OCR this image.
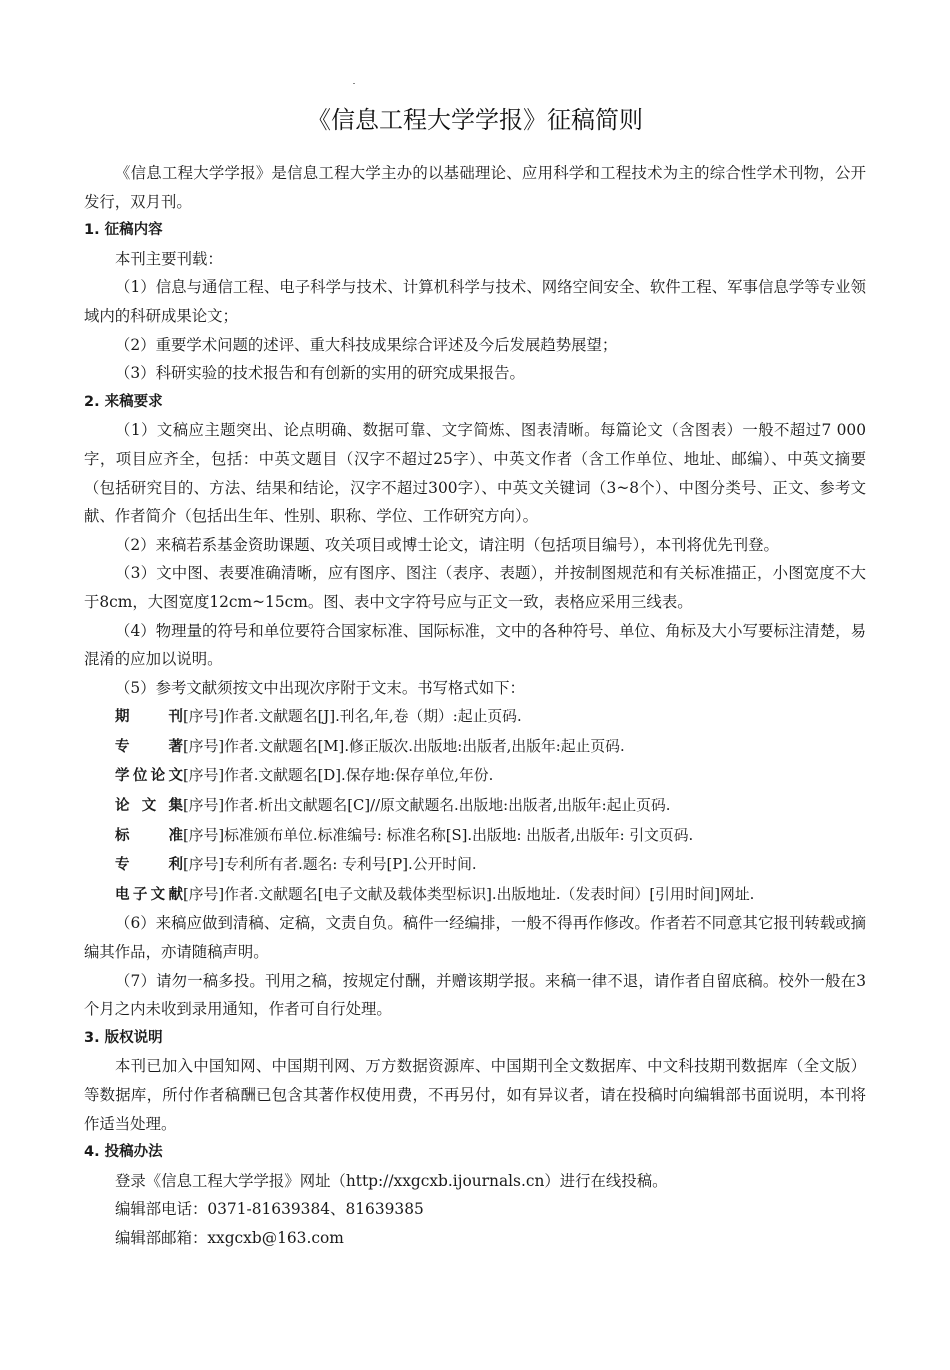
《信息工程大学学报》征稿简则

《信息工程大学学报》是信息工程大学主办的以基础理论、应用科学和工程技术为主的综合性学术刊物，公开发行，双月刊。

1. 征稿内容

本刊主要刊载：

（1）信息与通信工程、电子科学与技术、计算机科学与技术、网络空间安全、软件工程、军事信息学等专业领域内的科研成果论文；

（2）重要学术问题的述评、重大科技成果综合评述及今后发展趋势展望；

（3）科研实验的技术报告和有创新的实用的研究成果报告。

2. 来稿要求

（1）文稿应主题突出、论点明确、数据可靠、文字简炼、图表清晰。每篇论文（含图表）一般不超过7 000字，项目应齐全，包括：中英文题目（汉字不超过25字）、中英文作者（含工作单位、地址、邮编）、中英文摘要（包括研究目的、方法、结果和结论，汉字不超过300字）、中英文关键词（3~8个）、中图分类号、正文、参考文献、作者简介（包括出生年、性别、职称、学位、工作研究方向）。

（2）来稿若系基金资助课题、攻关项目或博士论文，请注明（包括项目编号），本刊将优先刊登。

（3）文中图、表要准确清晰，应有图序、图注（表序、表题），并按制图规范和有关标准描正，小图宽度不大于8cm，大图宽度12cm~15cm。图、表中文字符号应与正文一致，表格应采用三线表。

（4）物理量的符号和单位要符合国家标准、国际标准，文中的各种符号、单位、角标及大小写要标注清楚，易混淆的应加以说明。

（5）参考文献须按文中出现次序附于文末。书写格式如下：

期刊[序号]作者.文献题名[J].刊名,年,卷（期）:起止页码.

专著[序号]作者.文献题名[M].修正版次.出版地:出版者,出版年:起止页码.

学位论文[序号]作者.文献题名[D].保存地:保存单位,年份.

论文集[序号]作者.析出文献题名[C]//原文献题名.出版地:出版者,出版年:起止页码.

标准[序号]标准颁布单位.标准编号: 标准名称[S].出版地: 出版者,出版年: 引文页码.

专利[序号]专利所有者.题名: 专利号[P].公开时间.

电子文献[序号]作者.文献题名[电子文献及载体类型标识].出版地址.（发表时间）[引用时间]网址.

（6）来稿应做到清稿、定稿，文责自负。稿件一经编排，一般不得再作修改。作者若不同意其它报刊转载或摘编其作品，亦请随稿声明。

（7）请勿一稿多投。刊用之稿，按规定付酬，并赠该期学报。来稿一律不退，请作者自留底稿。校外一般在3个月之内未收到录用通知，作者可自行处理。

3. 版权说明

本刊已加入中国知网、中国期刊网、万方数据资源库、中国期刊全文数据库、中文科技期刊数据库（全文版）等数据库，所付作者稿酬已包含其著作权使用费，不再另付，如有异议者，请在投稿时向编辑部书面说明，本刊将作适当处理。

4. 投稿办法

登录《信息工程大学学报》网址（http://xxgcxb.ijournals.cn）进行在线投稿。

编辑部电话：0371-81639384、81639385

编辑部邮箱：xxgcxb@163.com
